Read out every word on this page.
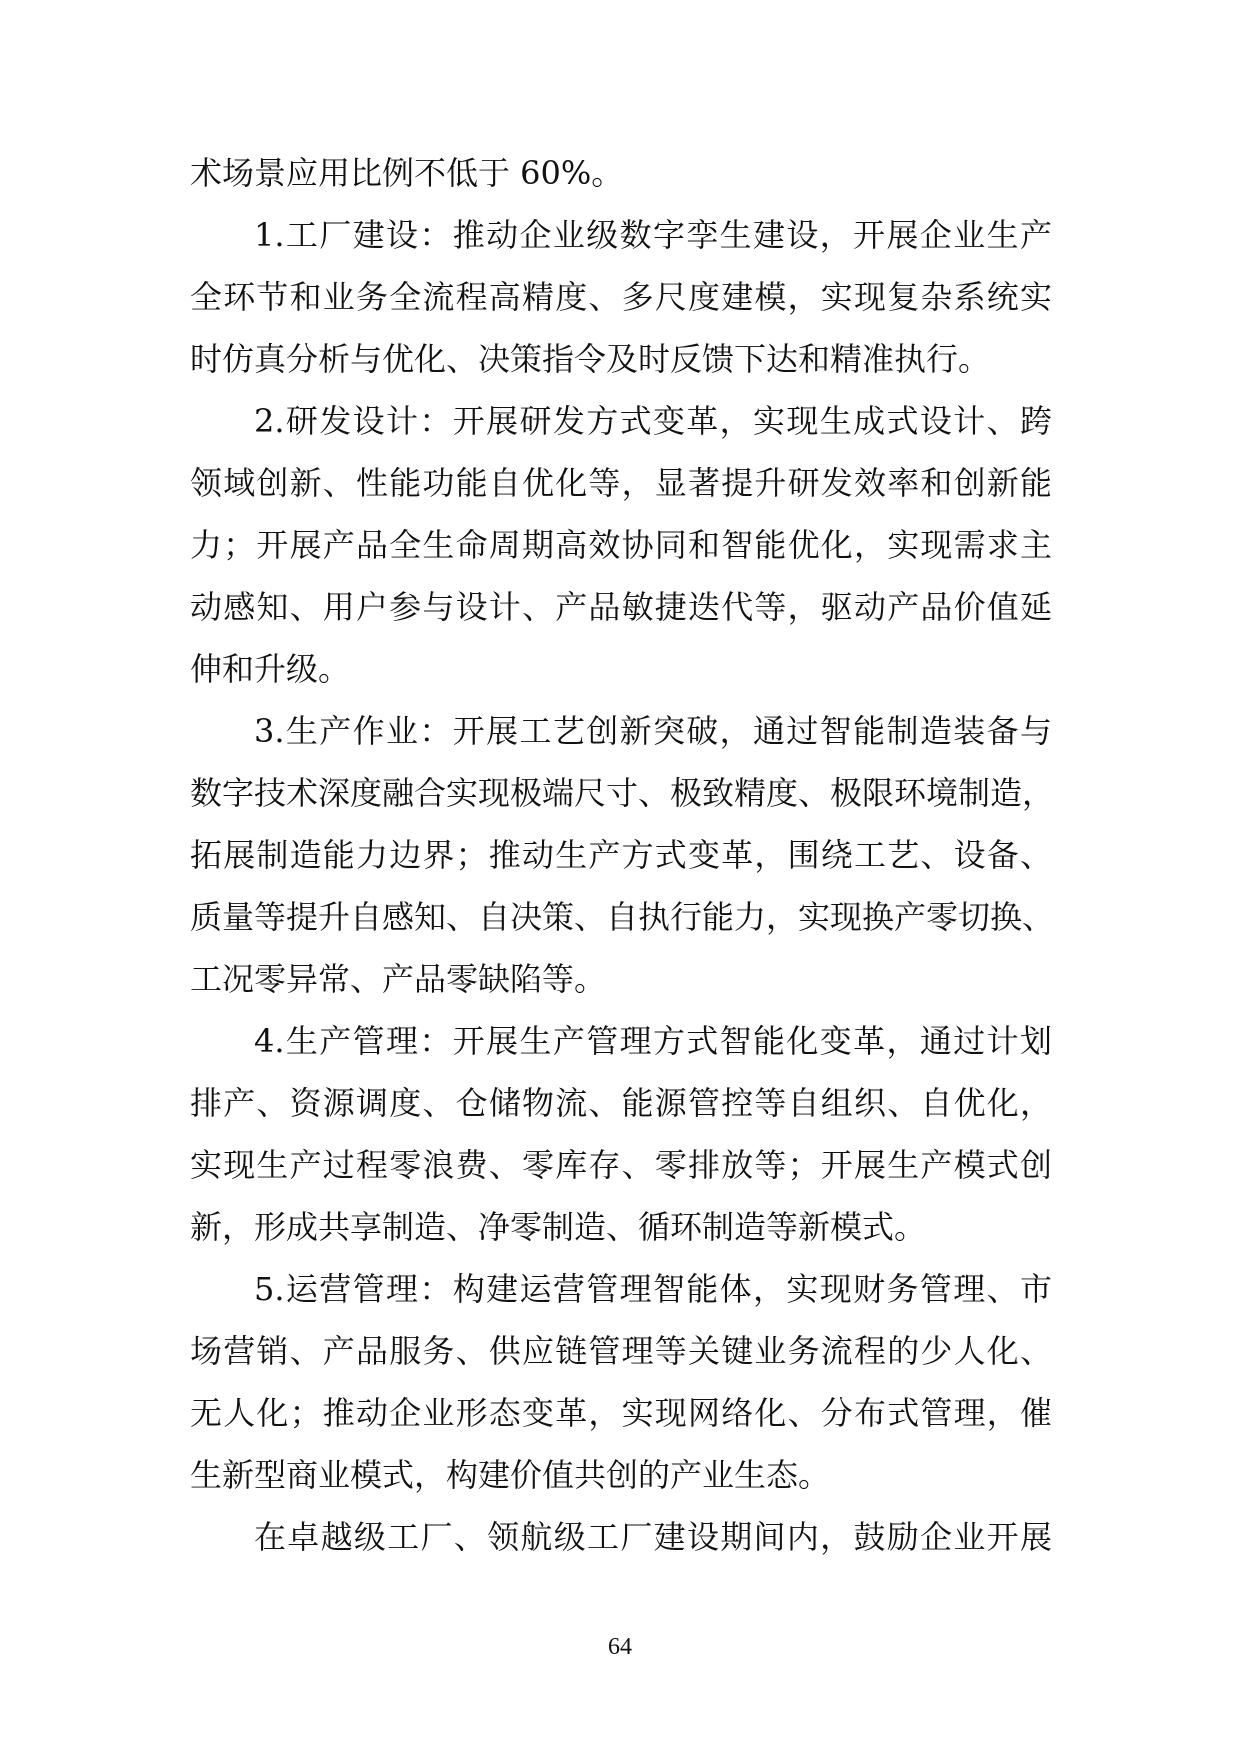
术场景应用比例不低于 60%。
1.工厂建设：推动企业级数字孪生建设，开展企业生产
全环节和业务全流程高精度、多尺度建模，实现复杂系统实
时仿真分析与优化、决策指令及时反馈下达和精准执行。
2.研发设计：开展研发方式变革，实现生成式设计、跨
领域创新、性能功能自优化等，显著提升研发效率和创新能
力；开展产品全生命周期高效协同和智能优化，实现需求主
动感知、用户参与设计、产品敏捷迭代等，驱动产品价值延
伸和升级。
3.生产作业：开展工艺创新突破，通过智能制造装备与
数字技术深度融合实现极端尺寸、极致精度、极限环境制造，
拓展制造能力边界；推动生产方式变革，围绕工艺、设备、
质量等提升自感知、自决策、自执行能力，实现换产零切换、
工况零异常、产品零缺陷等。
4.生产管理：开展生产管理方式智能化变革，通过计划
排产、资源调度、仓储物流、能源管控等自组织、自优化，
实现生产过程零浪费、零库存、零排放等；开展生产模式创
新，形成共享制造、净零制造、循环制造等新模式。
5.运营管理：构建运营管理智能体，实现财务管理、市
场营销、产品服务、供应链管理等关键业务流程的少人化、
无人化；推动企业形态变革，实现网络化、分布式管理，催
生新型商业模式，构建价值共创的产业生态。
在卓越级工厂、领航级工厂建设期间内，鼓励企业开展
64
